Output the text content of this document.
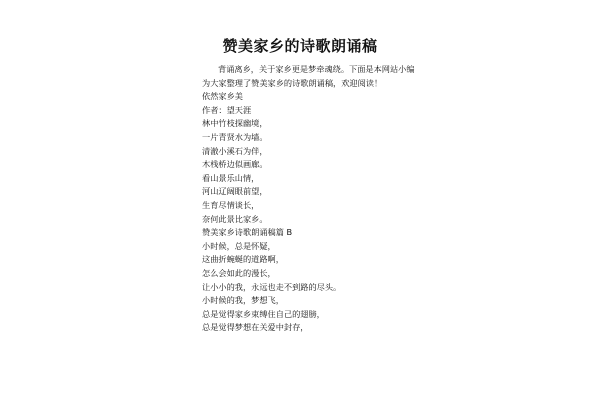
赞美家乡的诗歌朗诵稿
背诵离乡，关于家乡更是梦牵魂绕。下面是本网站小编
为大家整理了赞美家乡的诗歌朗诵稿，欢迎阅读！
依然家乡美
作者：望天涯
林中竹枝探幽境，
一片青贤水为墙。
清澈小溪石为伴，
木栈桥边似画廊。
看山景乐山情，
河山辽阔眼前望，
生育尽情谈长，
奈何此景比家乡。
赞美家乡诗歌朗诵稿篇 B
小时候，总是怀疑，
这曲折蜿蜒的道路啊，
怎么会如此的漫长，
让小小的我，永远也走不到路的尽头。
小时候的我，梦想飞，
总是觉得家乡束缚住自己的翅膀，
总是觉得梦想在关爱中封存，
